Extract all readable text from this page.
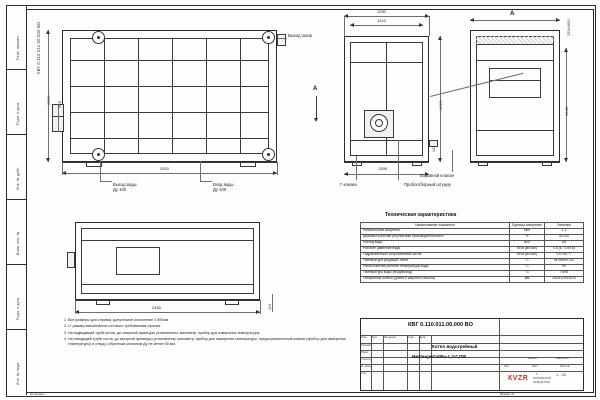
Инв. № подл.
Подп. и дата
Взам. инв. №
Инв. № дубл.
Подп. и дата
Перв. примен.	КВГ 0.110.011.00.000 ВО
2920
2020 365
Выход газов
Выход воды
Ду 100
Вход воды
Ду 100
A
1290
1210
1920
125
1395
Г-клевка	Пробоотборный штуцер
A
250±800
1540
Взрывной клапан
2450	115
Техническая характеристика
Наименование показателя	Единица измерения	Значение
Номинальная мощность	МВт	1,3
Диапазон рабочей регулировки производительности	%	40-100
Расход воды	м³/ч	н/з
Рабочее давление воды	МПа (кгс/см²)	0,6 (6 - 0,69,8)
Гидравлическое сопротивление котла	МПа (кгс/см²)	0,0705 / 7
Температура уходящих газов	°С	не более 220
Расположение рабочей температуры воды	°С	95
Температура воды (вход/выход)	°С	70/95
Габаритные колеса (длина и ширина и высота)	мм	2920/1290/2020
1. Все размеры для справок, допустимое отклонение ± 500мм
2. L*-размер выполняется согласно требованиям горелки.
3. На подводящей трубе котла, до запорной арматуры установлены: манометр, прибор для измерения температуры.
4. На отводящей трубе котла, до запорной арматуры установлены: манометр, прибор для измерения температуры, предохранительный клапан (прибор для измерения температуры) и отвод с обратным клапаном Ду не менее 50 мм.
КВГ 0.110.011.00.000 ВО
Котел водогрейный
Heatexpert-КВа-1,3-Г,ЛЖ
Изм. Лист № докум.	Подп. Дата
Разраб.
Пров.
Т.контр.
Н. контр.
Утв.
Лит.	Лист	Листов
Масштаб
Масса
1 : 20
1
КVZR КОТЕЛЬНЫЙ
ЗАВОД РЭМ
Формат A1
Копировал
